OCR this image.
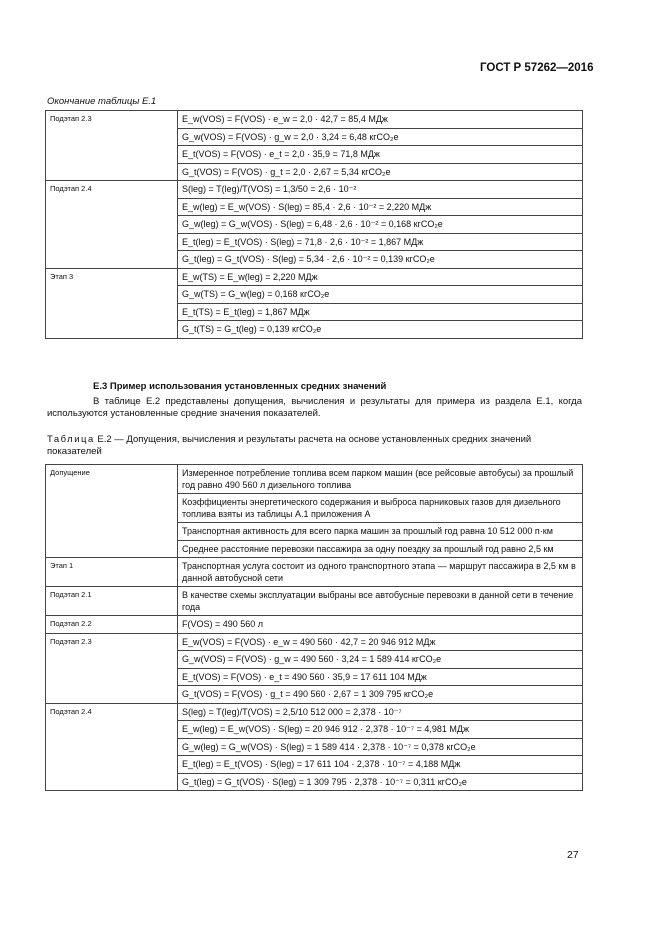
ГОСТ Р 57262—2016
Окончание таблицы Е.1
Подэтап 2.3	E_w(VOS) = F(VOS) · e_w = 2,0 · 42,7 = 85,4 МДж
	G_w(VOS) = F(VOS) · g_w = 2,0 · 3,24 = 6,48 кгCO₂e
	E_t(VOS) = F(VOS) · e_t = 2,0 · 35,9 = 71,8 МДж
	G_t(VOS) = F(VOS) · g_t = 2,0 · 2,67 = 5,34 кгCO₂e
Подэтап 2.4	S(leg) = T(leg)/T(VOS) = 1,3/50 = 2,6 · 10⁻²
	E_w(leg) = E_w(VOS) · S(leg) = 85,4 · 2,6 · 10⁻² = 2,220 МДж
	G_w(leg) = G_w(VOS) · S(leg) = 6,48 · 2,6 · 10⁻² = 0,168 кгCO₂e
	E_t(leg) = E_t(VOS) · S(leg) = 71,8 · 2,6 · 10⁻² = 1,867 МДж
	G_t(leg) = G_t(VOS) · S(leg) = 5,34 · 2,6 · 10⁻² = 0,139 кгCO₂e
Этап 3	E_w(TS) = E_w(leg) = 2,220 МДж
	G_w(TS) = G_w(leg) = 0,168 кгCO₂e
	E_t(TS) = E_t(leg) = 1,867 МДж
	G_t(TS) = G_t(leg) = 0,139 кгCO₂e
Е.3 Пример использования установленных средних значений
В таблице Е.2 представлены допущения, вычисления и результаты для примера из раздела Е.1, когда используются установленные средние значения показателей.
Таблица Е.2 — Допущения, вычисления и результаты расчета на основе установленных средних значений показателей
Допущение	Измеренное потребление топлива всем парком машин (все рейсовые автобусы) за прошлый год равно 490 560 л дизельного топлива
	Коэффициенты энергетического содержания и выброса парниковых газов для дизельного топлива взяты из таблицы А.1 приложения А
	Транспортная активность для всего парка машин за прошлый год равна 10 512 000 п·км
	Среднее расстояние перевозки пассажира за одну поездку за прошлый год равно 2,5 км
Этап 1	Транспортная услуга состоит из одного транспортного этапа — маршрут пассажира в 2,5 км в данной автобусной сети
Подэтап 2.1	В качестве схемы эксплуатации выбраны все автобусные перевозки в данной сети в течение года
Подэтап 2.2	F(VOS) = 490 560 л
Подэтап 2.3	E_w(VOS) = F(VOS) · e_w = 490 560 · 42,7 = 20 946 912 МДж
	G_w(VOS) = F(VOS) · g_w = 490 560 · 3,24 = 1 589 414 кгCO₂e
	E_t(VOS) = F(VOS) · e_t = 490 560 · 35,9 = 17 611 104 МДж
	G_t(VOS) = F(VOS) · g_t = 490 560 · 2,67 = 1 309 795 кгCO₂e
Подэтап 2.4	S(leg) = T(leg)/T(VOS) = 2,5/10 512 000 = 2,378 · 10⁻⁷
	E_w(leg) = E_w(VOS) · S(leg) = 20 946 912 · 2,378 · 10⁻⁷ = 4,981 МДж
	G_w(leg) = G_w(VOS) · S(leg) = 1 589 414 · 2,378 · 10⁻⁷ = 0,378 кгCO₂e
	E_t(leg) = E_t(VOS) · S(leg) = 17 611 104 · 2,378 · 10⁻⁷ = 4,188 МДж
	G_t(leg) = G_t(VOS) · S(leg) = 1 309 795 · 2,378 · 10⁻⁷ = 0,311 кгCO₂e
27
